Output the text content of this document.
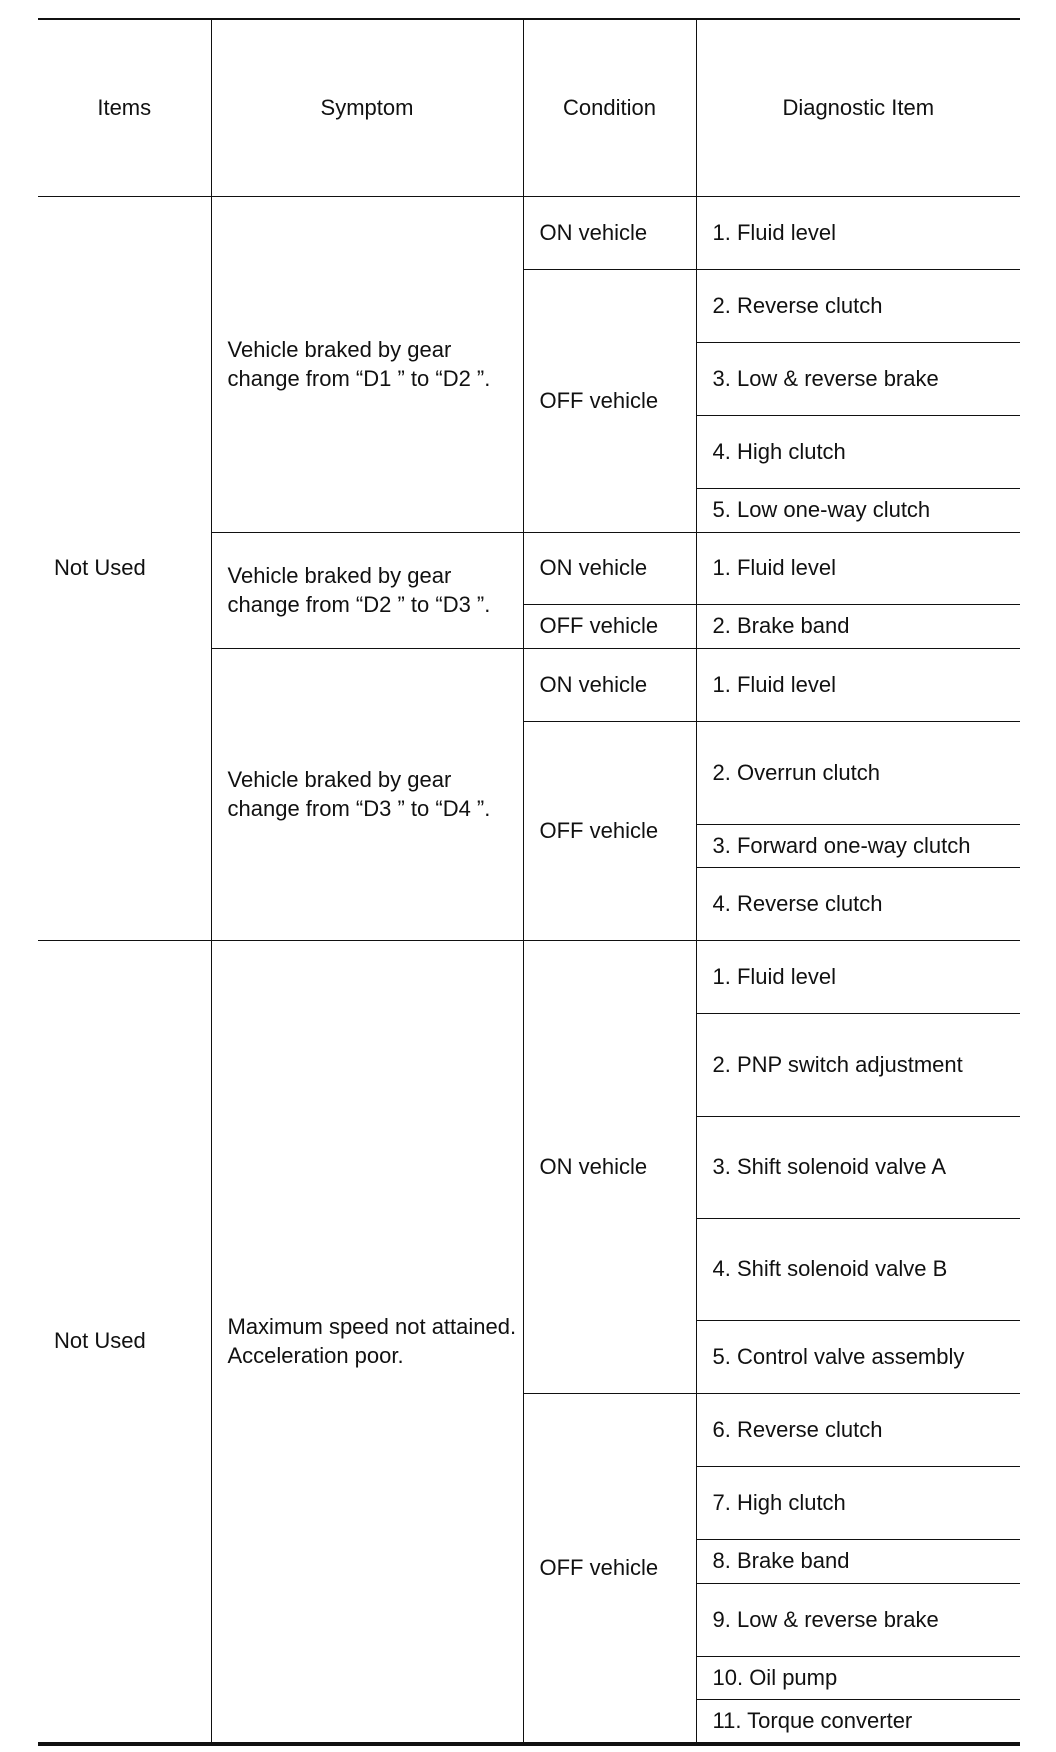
Items	Symptom	Condition	Diagnostic Item
Not Used	Vehicle braked by gear change from “D1 ” to “D2 ”.	ON vehicle	1. Fluid level
		OFF vehicle	2. Reverse clutch
			3. Low & reverse brake
			4. High clutch
			5. Low one-way clutch
	Vehicle braked by gear change from “D2 ” to “D3 ”.	ON vehicle	1. Fluid level
		OFF vehicle	2. Brake band
	Vehicle braked by gear change from “D3 ” to “D4 ”.	ON vehicle	1. Fluid level
		OFF vehicle	2. Overrun clutch
			3. Forward one-way clutch
			4. Reverse clutch
Not Used	Maximum speed not attained. Acceleration poor.	ON vehicle	1. Fluid level
			2. PNP switch adjustment
			3. Shift solenoid valve A
			4. Shift solenoid valve B
			5. Control valve assembly
		OFF vehicle	6. Reverse clutch
			7. High clutch
			8. Brake band
			9. Low & reverse brake
			10. Oil pump
			11. Torque converter
